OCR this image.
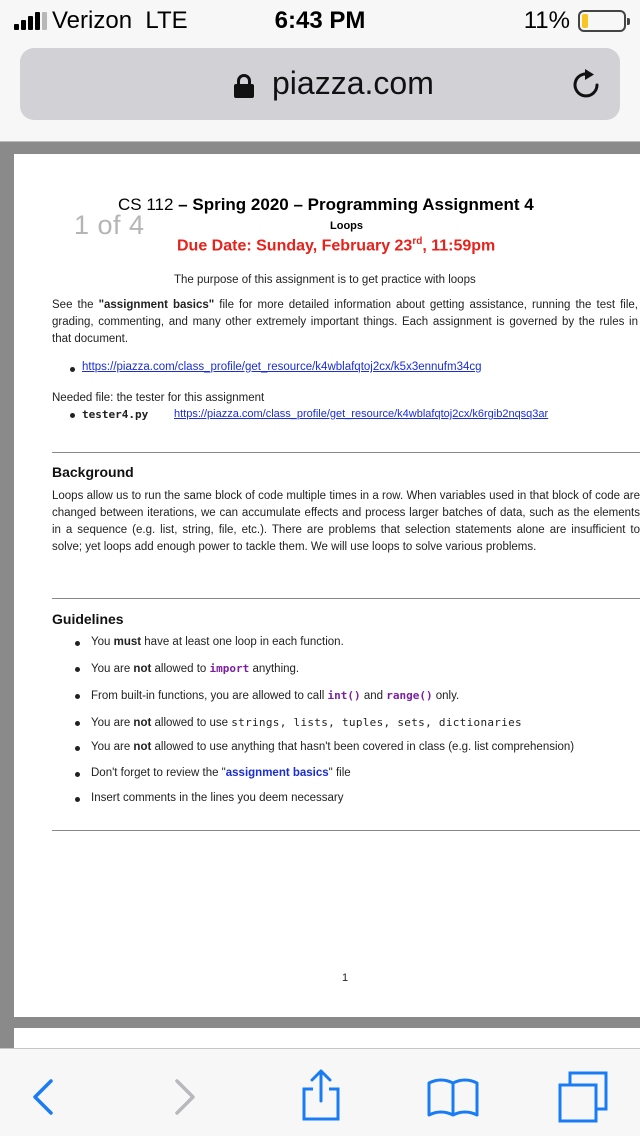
Verizon LTE	6:43 PM	11%
piazza.com
1 of 4
CS 112 – Spring 2020 – Programming Assignment 4
Loops
Due Date: Sunday, February 23rd, 11:59pm
The purpose of this assignment is to get practice with loops
See the "assignment basics" file for more detailed information about getting assistance, running the test file, grading, commenting, and many other extremely important things. Each assignment is governed by the rules in that document.
https://piazza.com/class_profile/get_resource/k4wblafqtoj2cx/k5x3ennufm34cg
Needed file: the tester for this assignment
tester4.py https://piazza.com/class_profile/get_resource/k4wblafqtoj2cx/k6rgib2nqsq3ar
Background
Loops allow us to run the same block of code multiple times in a row. When variables used in that block of code are changed between iterations, we can accumulate effects and process larger batches of data, such as the elements in a sequence (e.g. list, string, file, etc.). There are problems that selection statements alone are insufficient to solve; yet loops add enough power to tackle them. We will use loops to solve various problems.
Guidelines
You must have at least one loop in each function.
You are not allowed to import anything.
From built-in functions, you are allowed to call int() and range() only.
You are not allowed to use strings, lists, tuples, sets, dictionaries
You are not allowed to use anything that hasn't been covered in class (e.g. list comprehension)
Don't forget to review the "assignment basics" file
Insert comments in the lines you deem necessary
1
